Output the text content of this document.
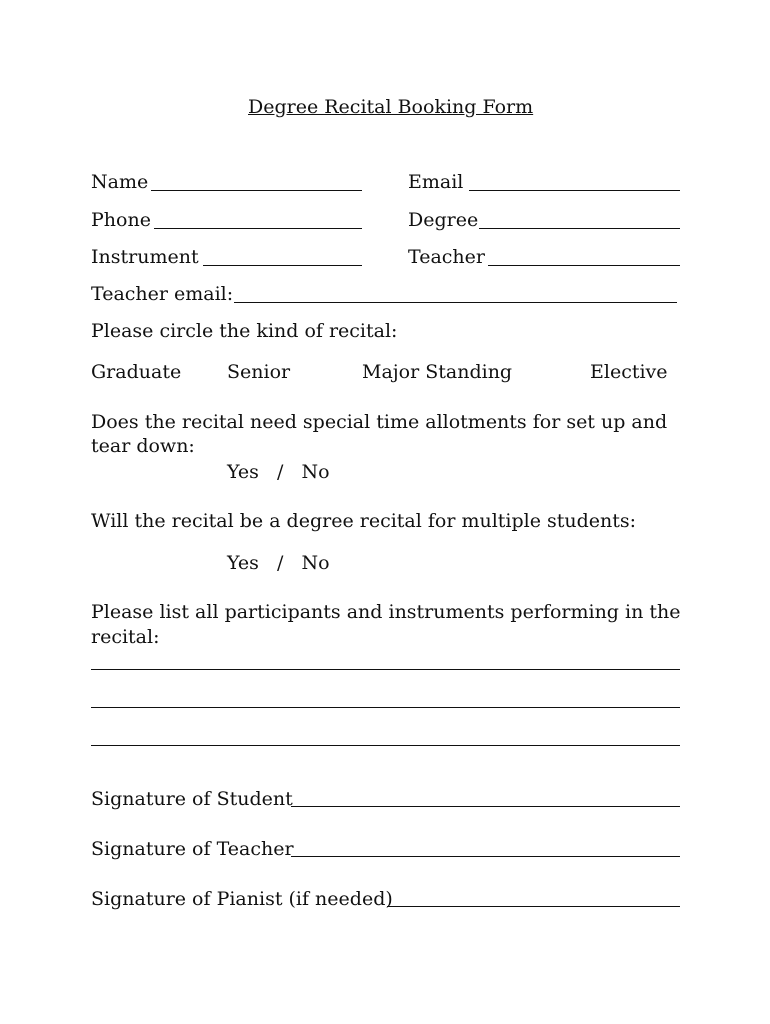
Degree Recital Booking Form
Name	Email
Phone	Degree
Instrument	Teacher
Teacher email:
Please circle the kind of recital:
Graduate Senior	Major Standing	Elective
Does the recital need special time allotments for set up and
tear down:
Yes   /   No
Will the recital be a degree recital for multiple students:
Yes   /   No
Please list all participants and instruments performing in the
recital:
Signature of Student
Signature of Teacher
Signature of Pianist (if needed)
